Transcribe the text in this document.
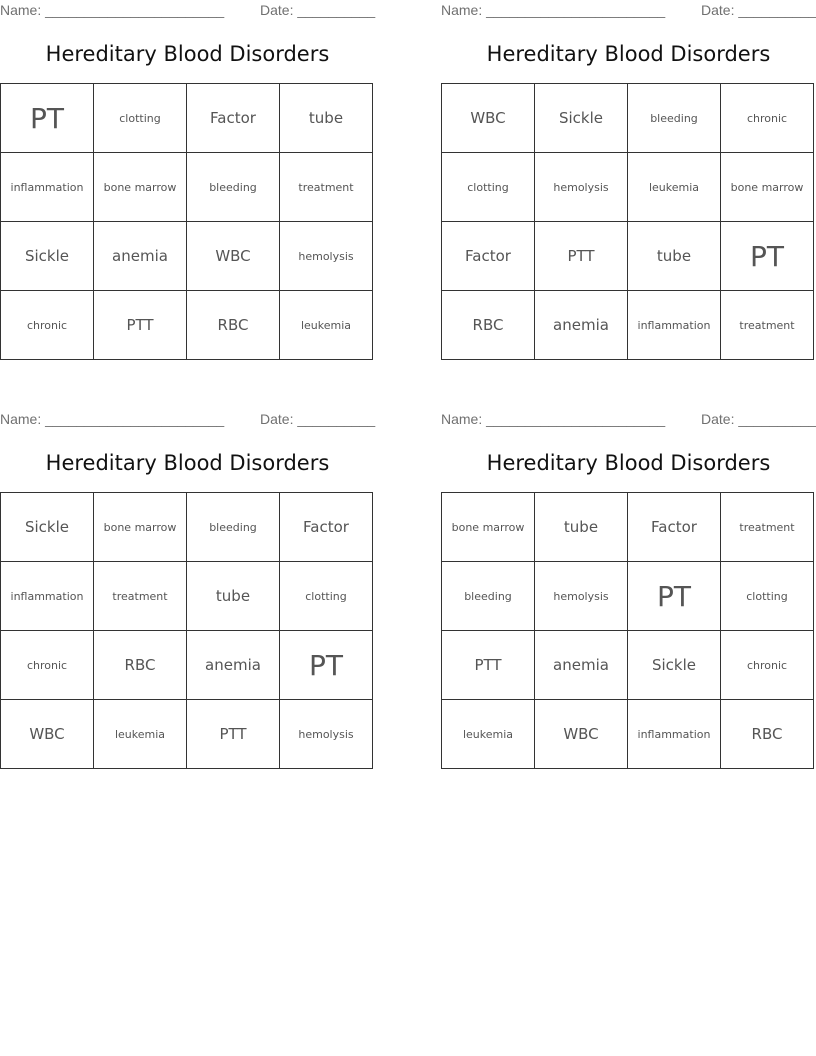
Name: _______________________	Date: __________
Hereditary Blood Disorders
PT	clotting	Factor	tube
inflammation	bone marrow	bleeding	treatment
Sickle	anemia	WBC	hemolysis
chronic	PTT	RBC	leukemia
Name: _______________________	Date: __________
Hereditary Blood Disorders
WBC	Sickle	bleeding	chronic
clotting	hemolysis	leukemia	bone marrow
Factor	PTT	tube	PT
RBC	anemia	inflammation	treatment
Name: _______________________	Date: __________
Hereditary Blood Disorders
Sickle	bone marrow	bleeding	Factor
inflammation	treatment	tube	clotting
chronic	RBC	anemia	PT
WBC	leukemia	PTT	hemolysis
Name: _______________________	Date: __________
Hereditary Blood Disorders
bone marrow	tube	Factor	treatment
bleeding	hemolysis	PT	clotting
PTT	anemia	Sickle	chronic
leukemia	WBC	inflammation	RBC
